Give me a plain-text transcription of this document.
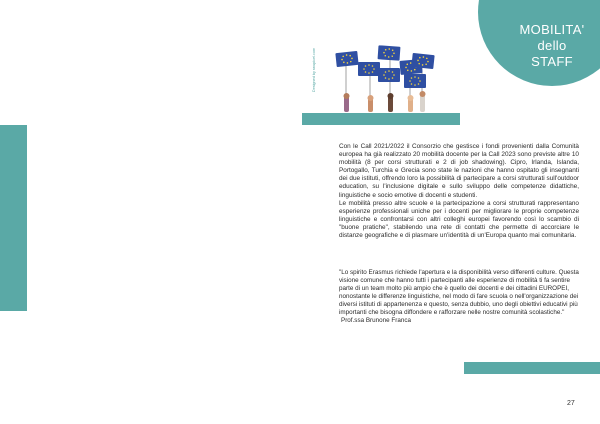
MOBILITA'
dello
STAFF
Designed by rawpixel.com

Con le Call 2021/2022 il Consorzio che gestisce i fondi provenienti dalla Comunità europea ha già realizzato 20 mobilità docente per la Call 2023 sono previste altre 10 mobilità (8 per corsi strutturati e 2 di job shadowing). Cipro, Irlanda, Islanda, Portogallo, Turchia e Grecia sono state le nazioni che hanno ospitato gli insegnanti dei due istituti, offrendo loro la possibilità di partecipare a corsi strutturati sull'outdoor education, su l'inclusione digitale e sullo sviluppo delle competenze didattiche, linguistiche e socio emotive di docenti e studenti.

Le mobilità presso altre scuole e la partecipazione a corsi strutturati rappresentano esperienze professionali uniche per i docenti per migliorare le proprie competenze linguistiche e confrontarsi con altri colleghi europei favorendo così lo scambio di "buone pratiche", stabilendo una rete di contatti che permette di accorciare le distanze geografiche e di plasmare un'identità di un'Europa quanto mai comunitaria.

"Lo spirito Erasmus richiede l'apertura e la disponibilità verso differenti culture. Questa visione comune che hanno tutti i partecipanti alle esperienze di mobilità ti fa sentire parte di un team molto più ampio che è quello dei docenti e dei cittadini EUROPEI, nonostante le differenze linguistiche, nel modo di fare scuola o nell'organizzazione dei diversi istituti di appartenenza e questo, senza dubbio, uno degli obiettivi educativi più importanti che bisogna diffondere e rafforzare nelle nostre comunità scolastiche."

Prof.ssa Brunone Franca

27
